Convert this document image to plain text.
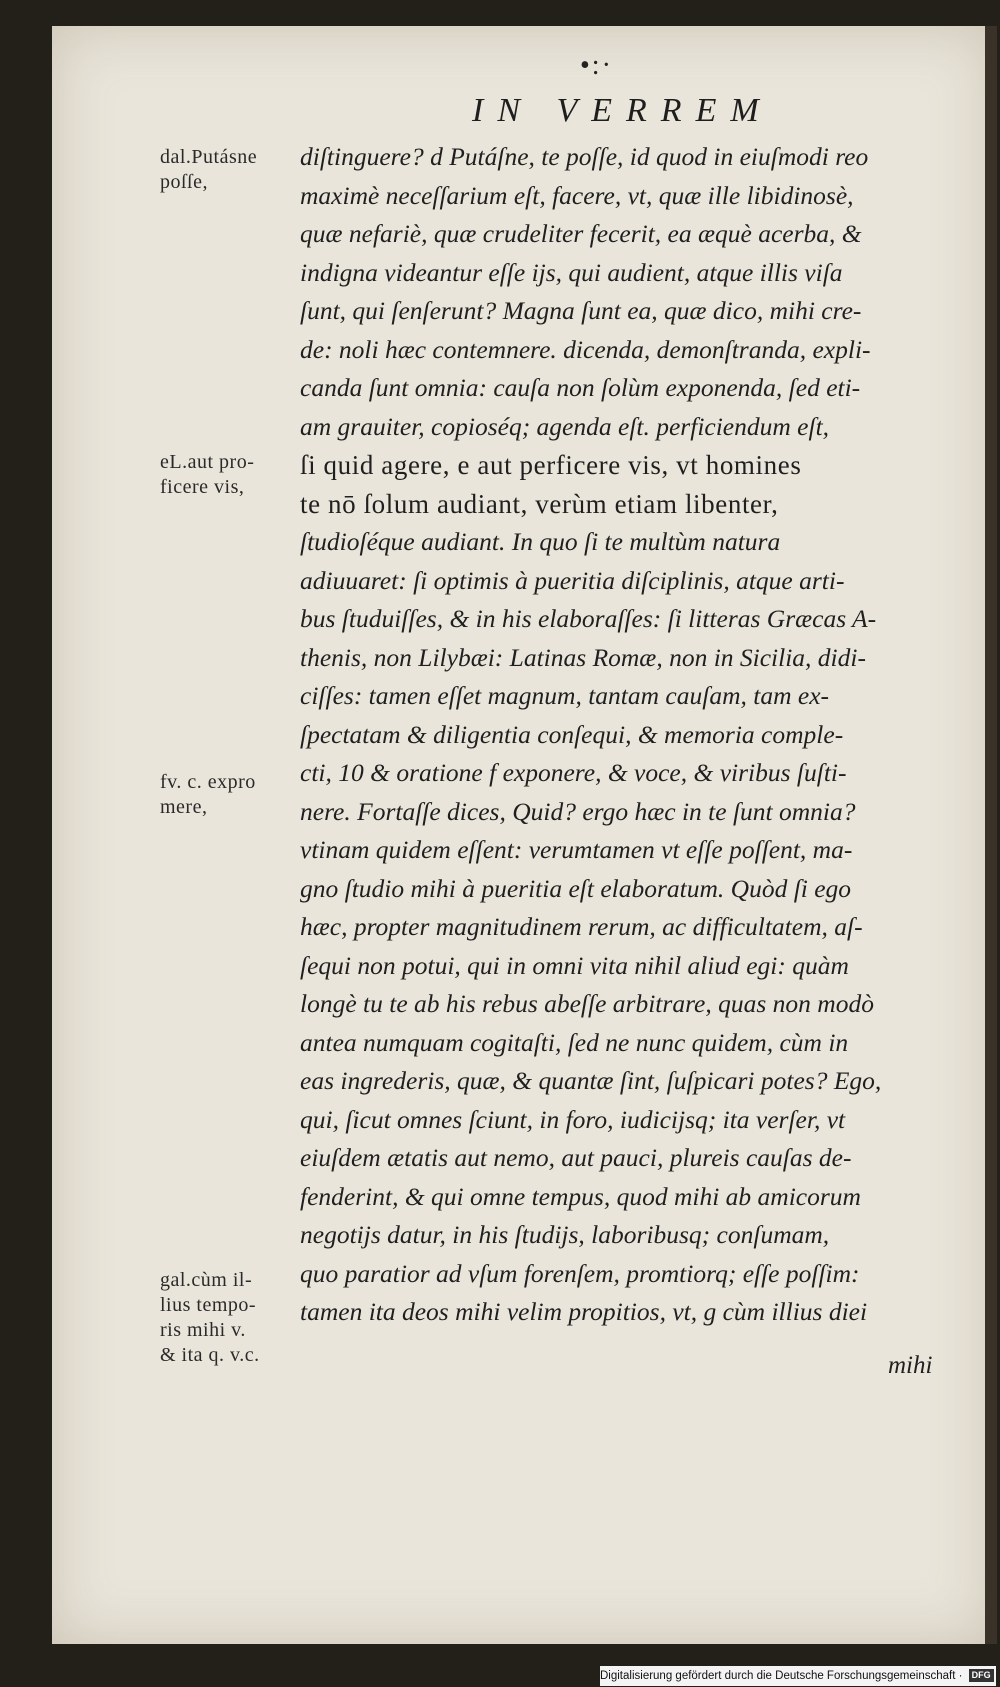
•:·
IN VERREM
dal.Putásne
poſſe,
eL.aut pro-
ficere vis,
fv. c. expro
mere,
gal.cùm il-
lius tempo-
ris mihi v.
& ita q. v.c.
diſtinguere? d Putáſne, te poſſe, id quod in eiuſmodi reo
maximè neceſſarium eſt, facere, vt, quæ ille libidinosè,
quæ nefariè, quæ crudeliter fecerit, ea æquè acerba, &
indigna videantur eſſe ijs, qui audient, atque illis viſa
ſunt, qui ſenſerunt? Magna ſunt ea, quæ dico, mihi cre-
de: noli hæc contemnere. dicenda, demonſtranda, expli-
canda ſunt omnia: cauſa non ſolùm exponenda, ſed eti-
am grauiter, copioséq; agenda eſt. perficiendum eſt,
ſi quid agere, e aut perficere vis, vt homines
te nō ſolum audiant, verùm etiam libenter,
ſtudioſéque audiant. In quo ſi te multùm natura
adiuuaret: ſi optimis à pueritia diſciplinis, atque arti-
bus ſtuduiſſes, & in his elaboraſſes: ſi litteras Græcas A-
thenis, non Lilybæi: Latinas Romæ, non in Sicilia, didi-
ciſſes: tamen eſſet magnum, tantam cauſam, tam ex-
ſpectatam & diligentia conſequi, & memoria comple-
cti, 10 & oratione f exponere, & voce, & viribus ſuſti-
nere. Fortaſſe dices, Quid? ergo hæc in te ſunt omnia?
vtinam quidem eſſent: verumtamen vt eſſe poſſent, ma-
gno ſtudio mihi à pueritia eſt elaboratum. Quòd ſi ego
hæc, propter magnitudinem rerum, ac difficultatem, aſ-
ſequi non potui, qui in omni vita nihil aliud egi: quàm
longè tu te ab his rebus abeſſe arbitrare, quas non modò
antea numquam cogitaſti, ſed ne nunc quidem, cùm in
eas ingrederis, quæ, & quantæ ſint, ſuſpicari potes? Ego,
qui, ſicut omnes ſciunt, in foro, iudicijsq; ita verſer, vt
eiuſdem ætatis aut nemo, aut pauci, plureis cauſas de-
fenderint, & qui omne tempus, quod mihi ab amicorum
negotijs datur, in his ſtudijs, laboribusq; conſumam,
quo paratior ad vſum forenſem, promtiorq; eſſe poſſim:
tamen ita deos mihi velim propitios, vt, g cùm illius diei
mihi
Digitalisierung gefördert durch die Deutsche Forschungsgemeinschaft · DFG
